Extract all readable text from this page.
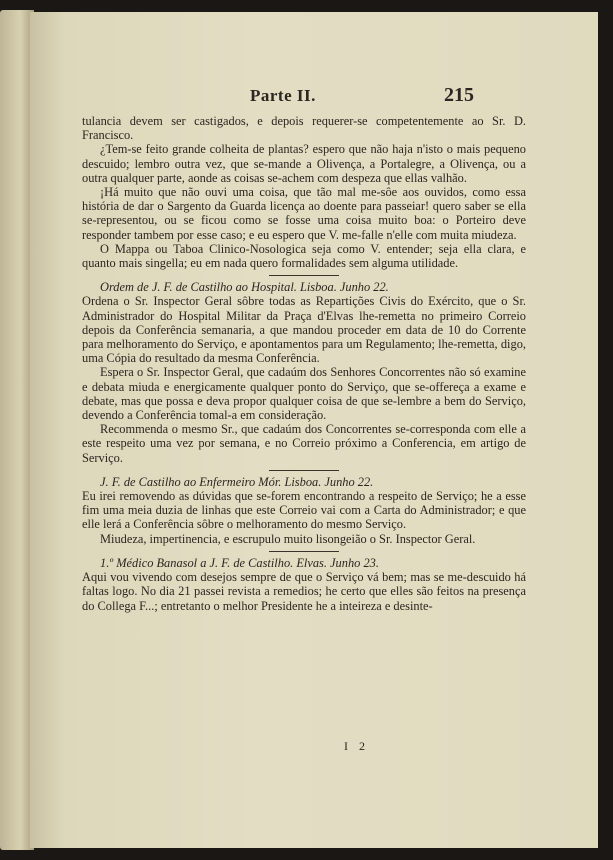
Parte II.	215

tulancia devem ser castigados, e depois requerer-se competentemente ao Sr. D. Francisco.

¿Tem-se feito grande colheita de plantas? espero que não haja n'isto o mais pequeno descuido; lembro outra vez, que se-mande a Olivença, a Portalegre, a Olivença, ou a outra qualquer parte, aonde as coisas se-achem com despeza que ellas valhão.

¡Há muito que não ouvi uma coisa, que tão mal me-sôe aos ouvidos, como essa história de dar o Sargento da Guarda licença ao doente para passeiar! quero saber se ella se-representou, ou se ficou como se fosse uma coisa muito boa: o Porteiro deve responder tambem por esse caso; e eu espero que V. me-falle n'elle com muita miudeza.

O Mappa ou Taboa Clinico-Nosologica seja como V. entender; seja ella clara, e quanto mais singella; eu em nada quero formalidades sem alguma utilidade.

Ordem de J. F. de Castilho ao Hospital. Lisboa. Junho 22.

Ordena o Sr. Inspector Geral sôbre todas as Repartições Civis do Exército, que o Sr. Administrador do Hospital Militar da Praça d'Elvas lhe-remetta no primeiro Correio depois da Conferência semanaria, a que mandou proceder em data de 10 do Corrente para melhoramento do Serviço, e apontamentos para um Regulamento; lhe-remetta, digo, uma Cópia do resultado da mesma Conferência.

Espera o Sr. Inspector Geral, que cadaúm dos Senhores Concorrentes não só examine e debata miuda e energicamente qualquer ponto do Serviço, que se-offereça a exame e debate, mas que possa e deva propor qualquer coisa de que se-lembre a bem do Serviço, devendo a Conferência tomal-a em consideração.

Recommenda o mesmo Sr., que cadaúm dos Concorrentes se-corresponda com elle a este respeito uma vez por semana, e no Correio próximo a Conferencia, em artigo de Serviço.

J. F. de Castilho ao Enfermeiro Mór. Lisboa. Junho 22.

Eu irei removendo as dúvidas que se-forem encontrando a respeito de Serviço; he a esse fim uma meia duzia de linhas que este Correio vai com a Carta do Administrador; e que elle lerá a Conferência sôbre o melhoramento do mesmo Serviço.

Miudeza, impertinencia, e escrupulo muito lisongeião o Sr. Inspector Geral.

1.º Médico Banasol a J. F. de Castilho. Elvas. Junho 23.

Aqui vou vivendo com desejos sempre de que o Serviço vá bem; mas se me-descuido há faltas logo. No dia 21 passei revista a remedios; he certo que elles são feitos na presença do Collega F...; entretanto o melhor Presidente he a inteireza e desinte-

I 2
